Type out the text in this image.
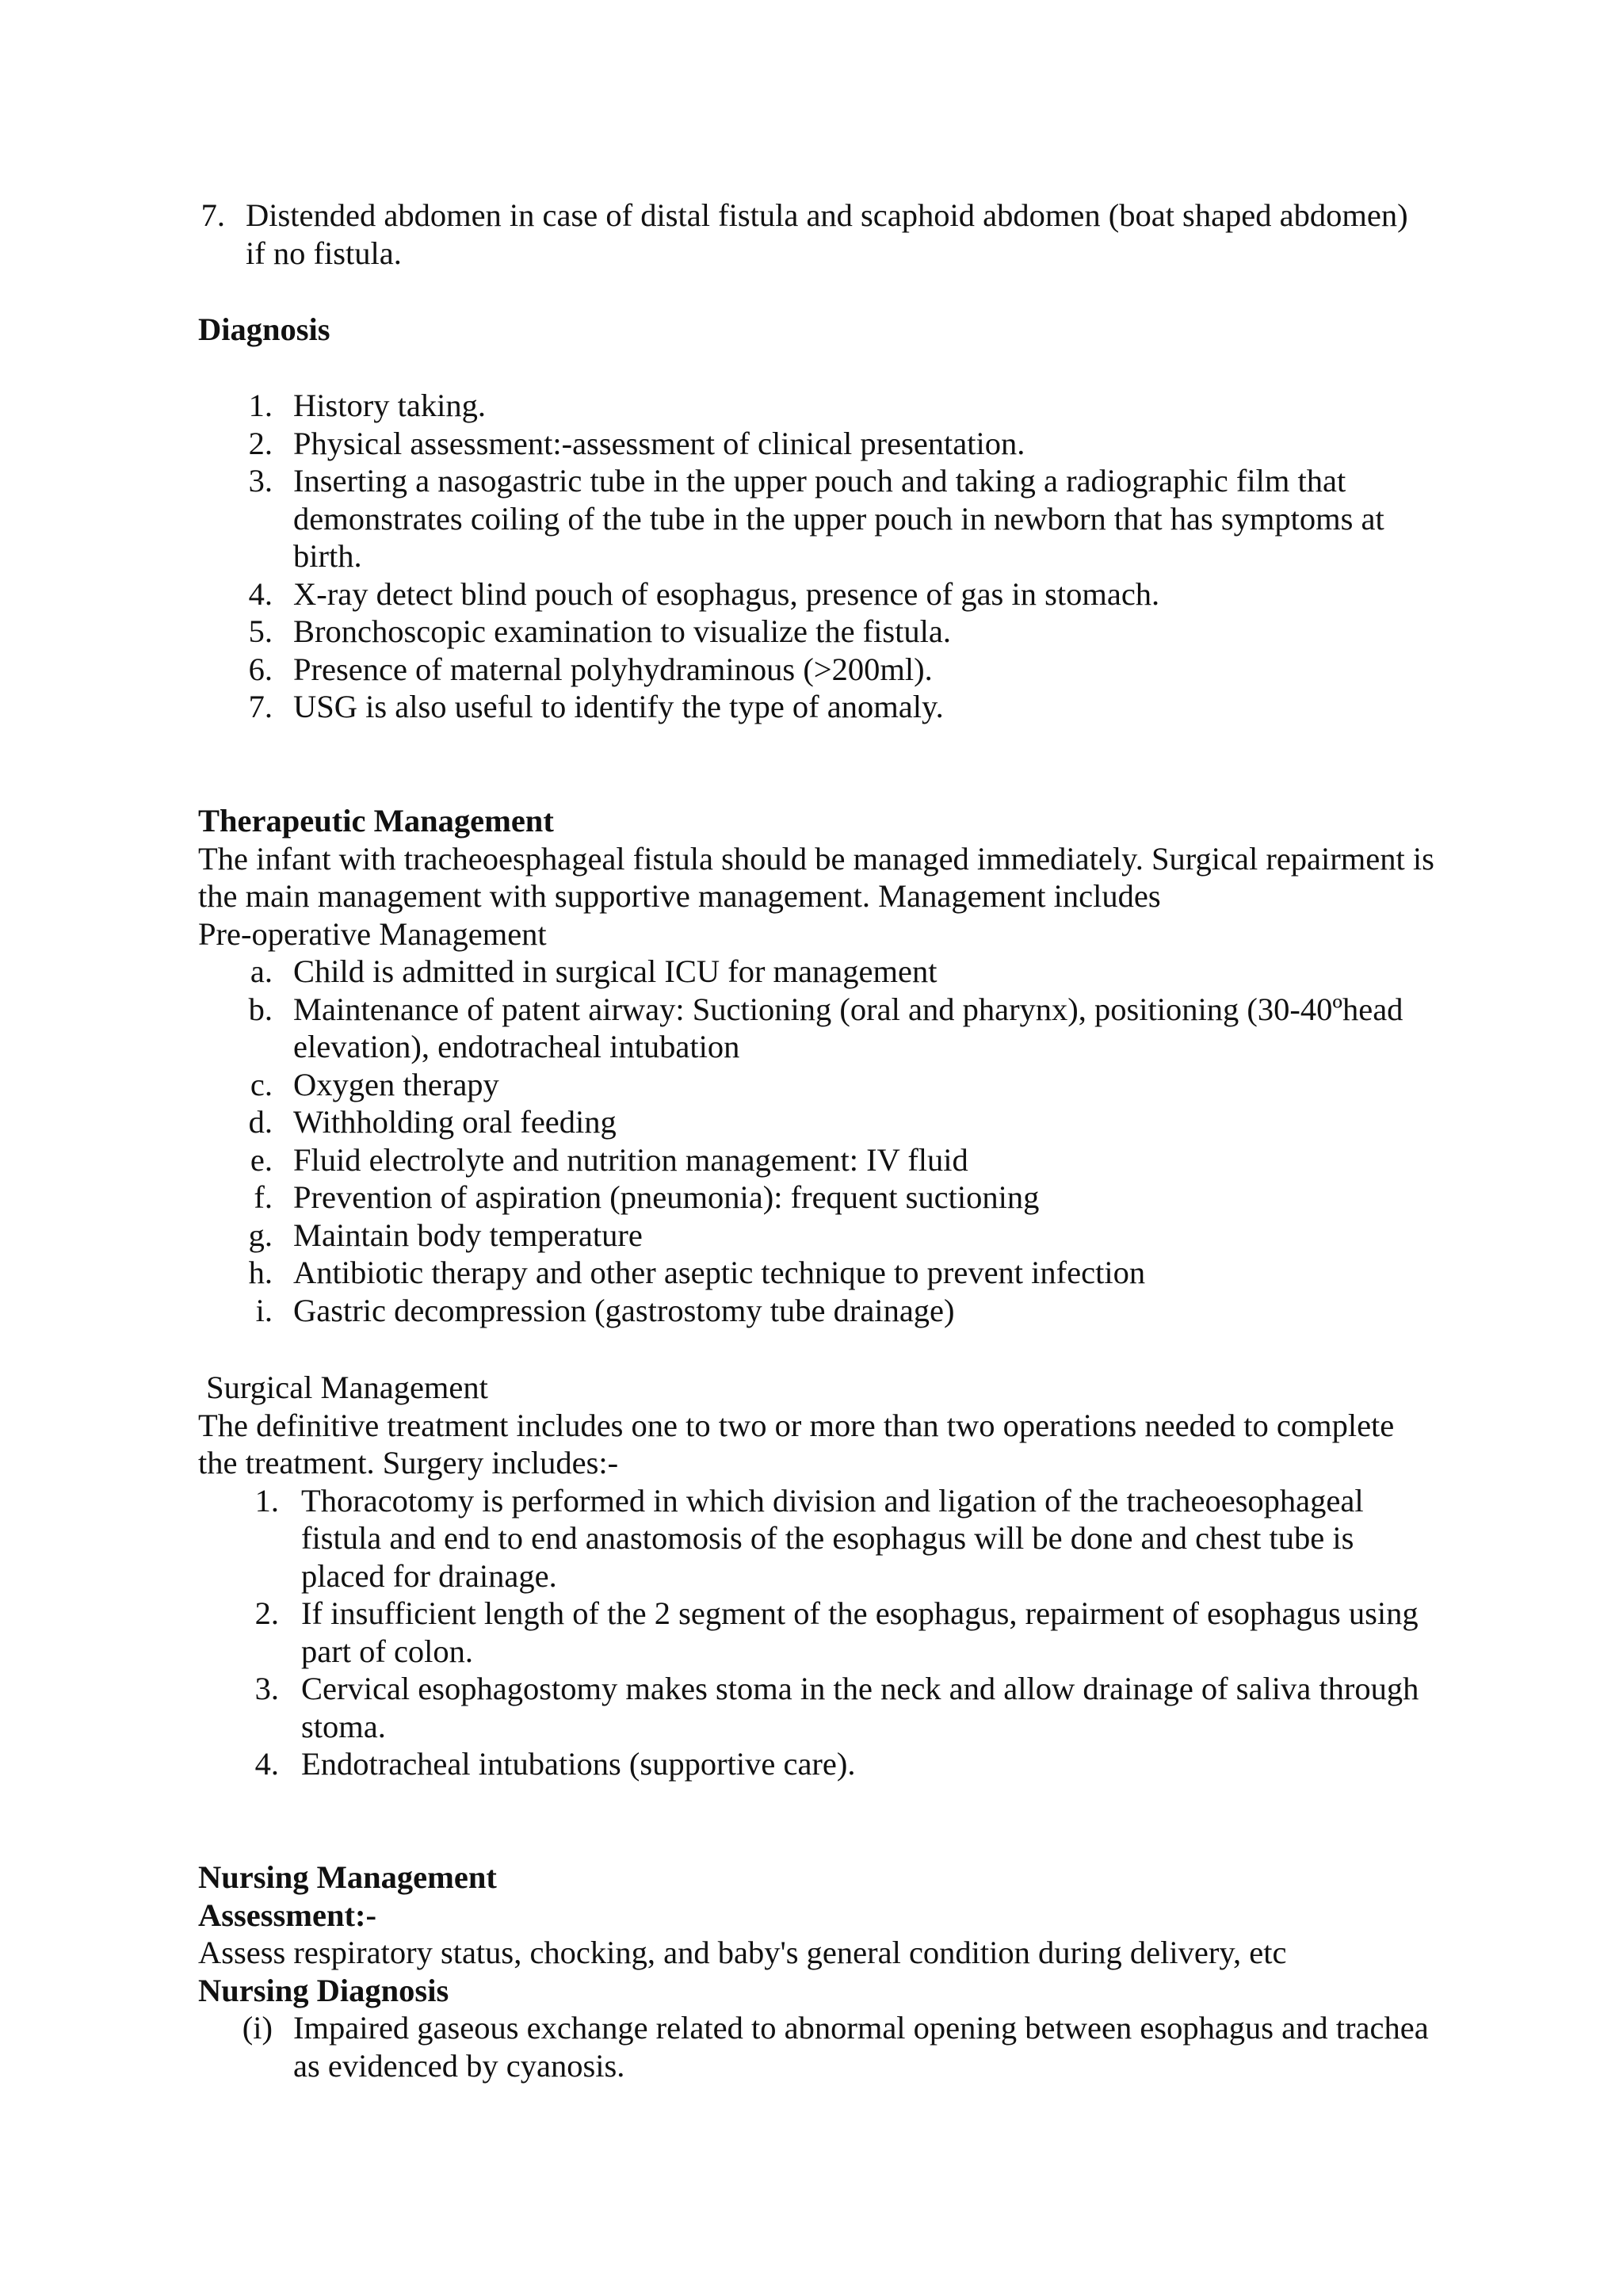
7. Distended abdomen in case of distal fistula and scaphoid abdomen (boat shaped abdomen) if no fistula.
Diagnosis
1. History taking.
2. Physical assessment:-assessment of clinical presentation.
3. Inserting a nasogastric tube in the upper pouch and taking a radiographic film that demonstrates coiling of the tube in the upper pouch in newborn that has symptoms at birth.
4. X-ray detect blind pouch of esophagus, presence of gas in stomach.
5. Bronchoscopic examination to visualize the fistula.
6. Presence of maternal polyhydraminous (>200ml).
7. USG is also useful to identify the type of anomaly.
Therapeutic Management

The infant with tracheoesphageal fistula should be managed immediately. Surgical repairment is the main management with supportive management. Management includes

Pre-operative Management
a. Child is admitted in surgical ICU for management
b. Maintenance of patent airway: Suctioning (oral and pharynx), positioning (30-40ºhead elevation), endotracheal intubation
c. Oxygen therapy
d. Withholding oral feeding
e. Fluid electrolyte and nutrition management: IV fluid
f. Prevention of aspiration (pneumonia): frequent suctioning
g. Maintain body temperature
h. Antibiotic therapy and other aseptic technique to prevent infection
i. Gastric decompression (gastrostomy tube drainage)
Surgical Management

The definitive treatment includes one to two or more than two operations needed to complete the treatment. Surgery includes:-

1. Thoracotomy is performed in which division and ligation of the tracheoesophageal fistula and end to end anastomosis of the esophagus will be done and chest tube is placed for drainage.
2. If insufficient length of the 2 segment of the esophagus, repairment of esophagus using part of colon.
3. Cervical esophagostomy makes stoma in the neck and allow drainage of saliva through stoma.
4. Endotracheal intubations (supportive care).
Nursing Management
Assessment:-

Assess respiratory status, chocking, and baby's general condition during delivery, etc

Nursing Diagnosis
(i) Impaired gaseous exchange related to abnormal opening between esophagus and trachea as evidenced by cyanosis.
